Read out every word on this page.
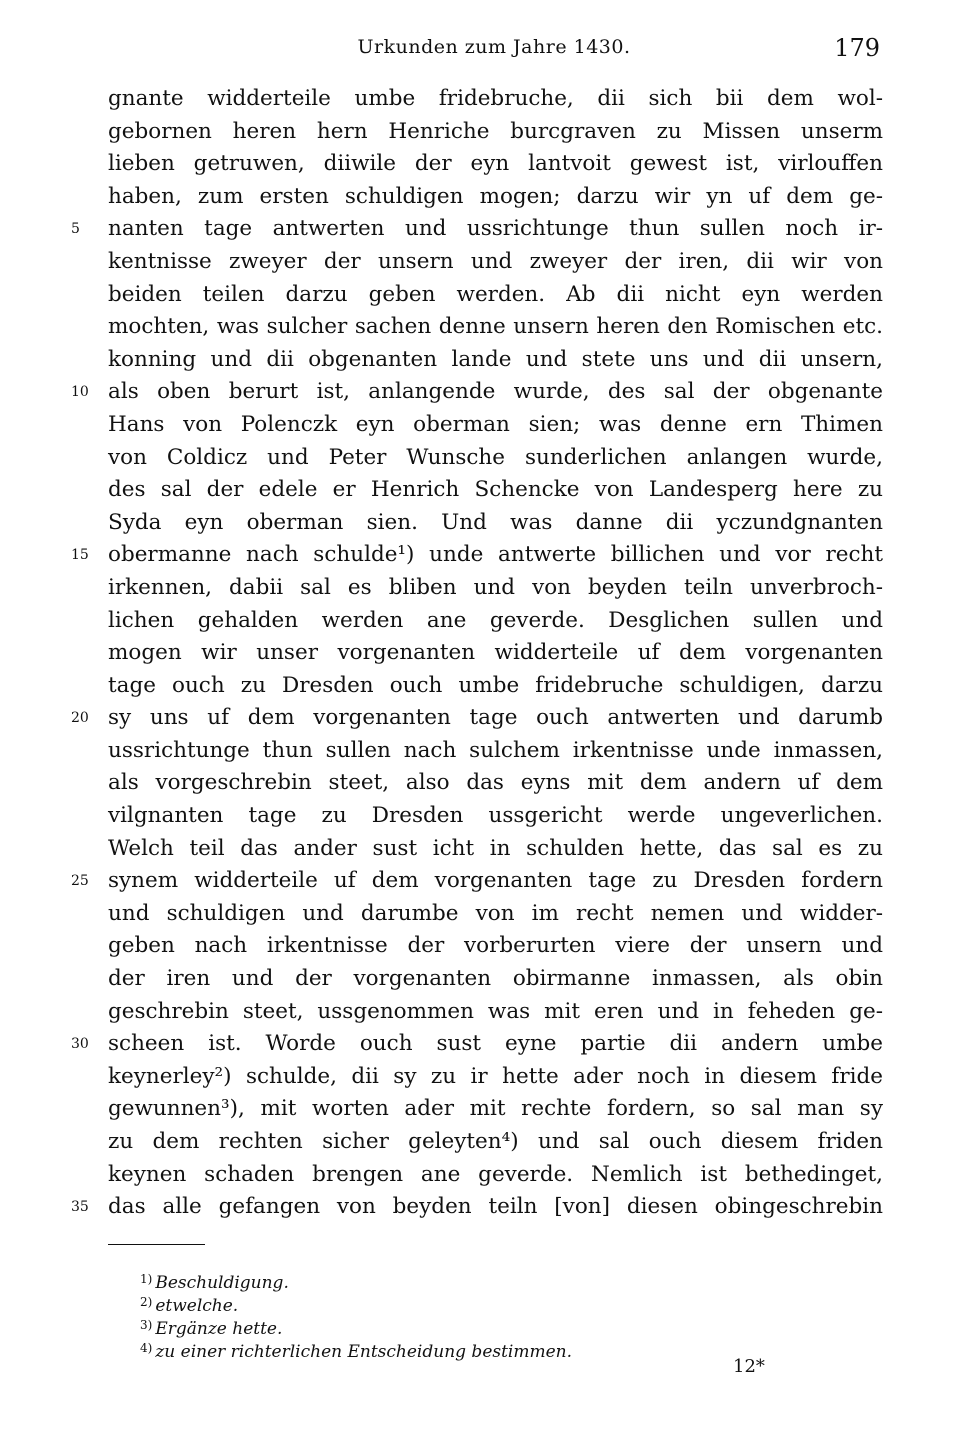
Urkunden zum Jahre 1430.	179
gnante widderteile umbe fridebruche, dii sich bii dem wol-
gebornen heren hern Henriche burcgraven zu Missen unserm
lieben getruwen, diiwile der eyn lantvoit gewest ist, virlouffen
haben, zum ersten schuldigen mogen; darzu wir yn uf dem ge-
5	nanten tage antwerten und ussrichtunge thun sullen noch ir-
kentnisse zweyer der unsern und zweyer der iren, dii wir von
beiden teilen darzu geben werden. Ab dii nicht eyn werden
mochten, was sulcher sachen denne unsern heren den Romischen etc.
konning und dii obgenanten lande und stete uns und dii unsern,
10 als oben berurt ist, anlangende wurde, des sal der obgenante
Hans von Polenczk eyn oberman sien; was denne ern Thimen
von Coldicz und Peter Wunsche sunderlichen anlangen wurde,
des sal der edele er Henrich Schencke von Landesperg here zu
Syda eyn oberman sien. Und was danne dii yczundgnanten
15 obermanne nach schulde¹) unde antwerte billichen und vor recht
irkennen, dabii sal es bliben und von beyden teiln unverbroch-
lichen gehalden werden ane geverde. Desglichen sullen und
mogen wir unser vorgenanten widderteile uf dem vorgenanten
tage ouch zu Dresden ouch umbe fridebruche schuldigen, darzu
20 sy uns uf dem vorgenanten tage ouch antwerten und darumb
ussrichtunge thun sullen nach sulchem irkentnisse unde inmassen,
als vorgeschrebin steet, also das eyns mit dem andern uf dem
vilgnanten tage zu Dresden ussgericht werde ungeverlichen.
Welch teil das ander sust icht in schulden hette, das sal es zu
25 synem widderteile uf dem vorgenanten tage zu Dresden fordern
und schuldigen und darumbe von im recht nemen und widder-
geben nach irkentnisse der vorberurten viere der unsern und
der iren und der vorgenanten obirmanne inmassen, als obin
geschrebin steet, ussgenommen was mit eren und in feheden ge-
30 scheen ist. Worde ouch sust eyne partie dii andern umbe
keynerley²) schulde, dii sy zu ir hette ader noch in diesem fride
gewunnen³), mit worten ader mit rechte fordern, so sal man sy
zu dem rechten sicher geleyten⁴) und sal ouch diesem friden
keynen schaden brengen ane geverde. Nemlich ist bethedinget,
35 das alle gefangen von beyden teiln [von] diesen obingeschrebin
$^{1)}$ Beschuldigung.
$^{2)}$ etwelche.
$^{3)}$ Ergänze hette.
$^{4)}$ zu einer richterlichen Entscheidung bestimmen.
12*
